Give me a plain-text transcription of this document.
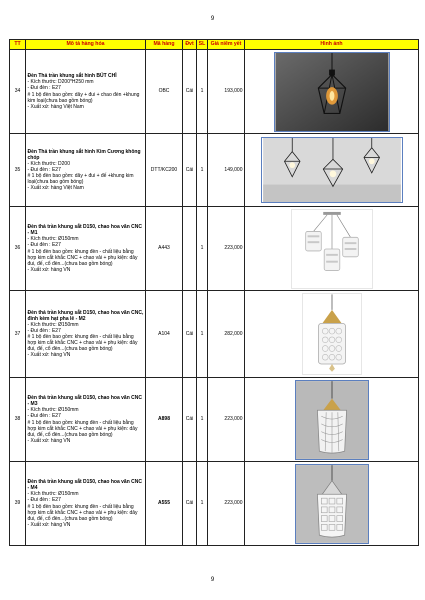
9
TT	Mô tả hàng hóa	Mã hàng	Đvt	SL	Giá niêm yết	Hình ảnh
34	Đèn Thả trần khung sắt hình BÚT CHÌ
- Kích thước: D200*H250 mm
- Đui đèn : E27
# 1 bộ đèn bao gồm: dây + đui + chao đèn +khung kim loại(chưa bao gồm bóng)
- Xuất xứ: hàng Việt Nam	OBC	Cái	1	193,000	

35	Đèn Thả trần khung sắt hình Kim Cương không chóp
- Kích thước: D200
- Đui đèn : E27
# 1 bộ đèn bao gồm: dây + đui + đế +khung kim loại(chưa bao gồm bóng)
- Xuất xứ: hàng Việt Nam	DTT/KC200	Cái	1	149,000	

36	Đèn thả trần khung sắt D150, chao hoa văn CNC - M1
- Kích thước: Ø150mm
- Đui đèn : E27
# 1 bộ đèn bao gồm: khung đèn - chất liệu bằng hợp kim cắt khắc CNC + chao vải + phụ kiện: dây đui, đế, cổ đèn...(chưa bao gồm bóng)
- Xuất xứ: hàng VN	A443		1	223,000	

37	Đèn thả trần khung sắt D150, chao hoa văn CNC, đính kèm hạt pha lê - M2
- Kích thước: Ø150mm
- Đui đèn : E27
# 1 bộ đèn bao gồm: khung đèn - chất liệu bằng hợp kim cắt khắc CNC + chao vải + phụ kiện: dây đui, đế, cổ đèn...(chưa bao gồm bóng)
- Xuất xứ: hàng VN	A104	Cái	1	282,000	

38	Đèn thả trần khung sắt D150, chao hoa văn CNC - M3
- Kích thước: Ø150mm
- Đui đèn : E27
# 1 bộ đèn bao gồm: khung đèn - chất liệu bằng hợp kim cắt khắc CNC + chao vải + phụ kiện: dây đui, đế, cổ đèn...(chưa bao gồm bóng)
- Xuất xứ: hàng VN	A898	Cái	1	223,000	

39	Đèn thả trần khung sắt D150, chao hoa văn CNC - M4
- Kích thước: Ø150mm
- Đui đèn : E27
# 1 bộ đèn bao gồm: khung đèn - chất liệu bằng hợp kim cắt khắc CNC + chao vải + phụ kiện: dây đui, đế, cổ đèn...(chưa bao gồm bóng)
- Xuất xứ: hàng VN	A555	Cái	1	223,000	
9
